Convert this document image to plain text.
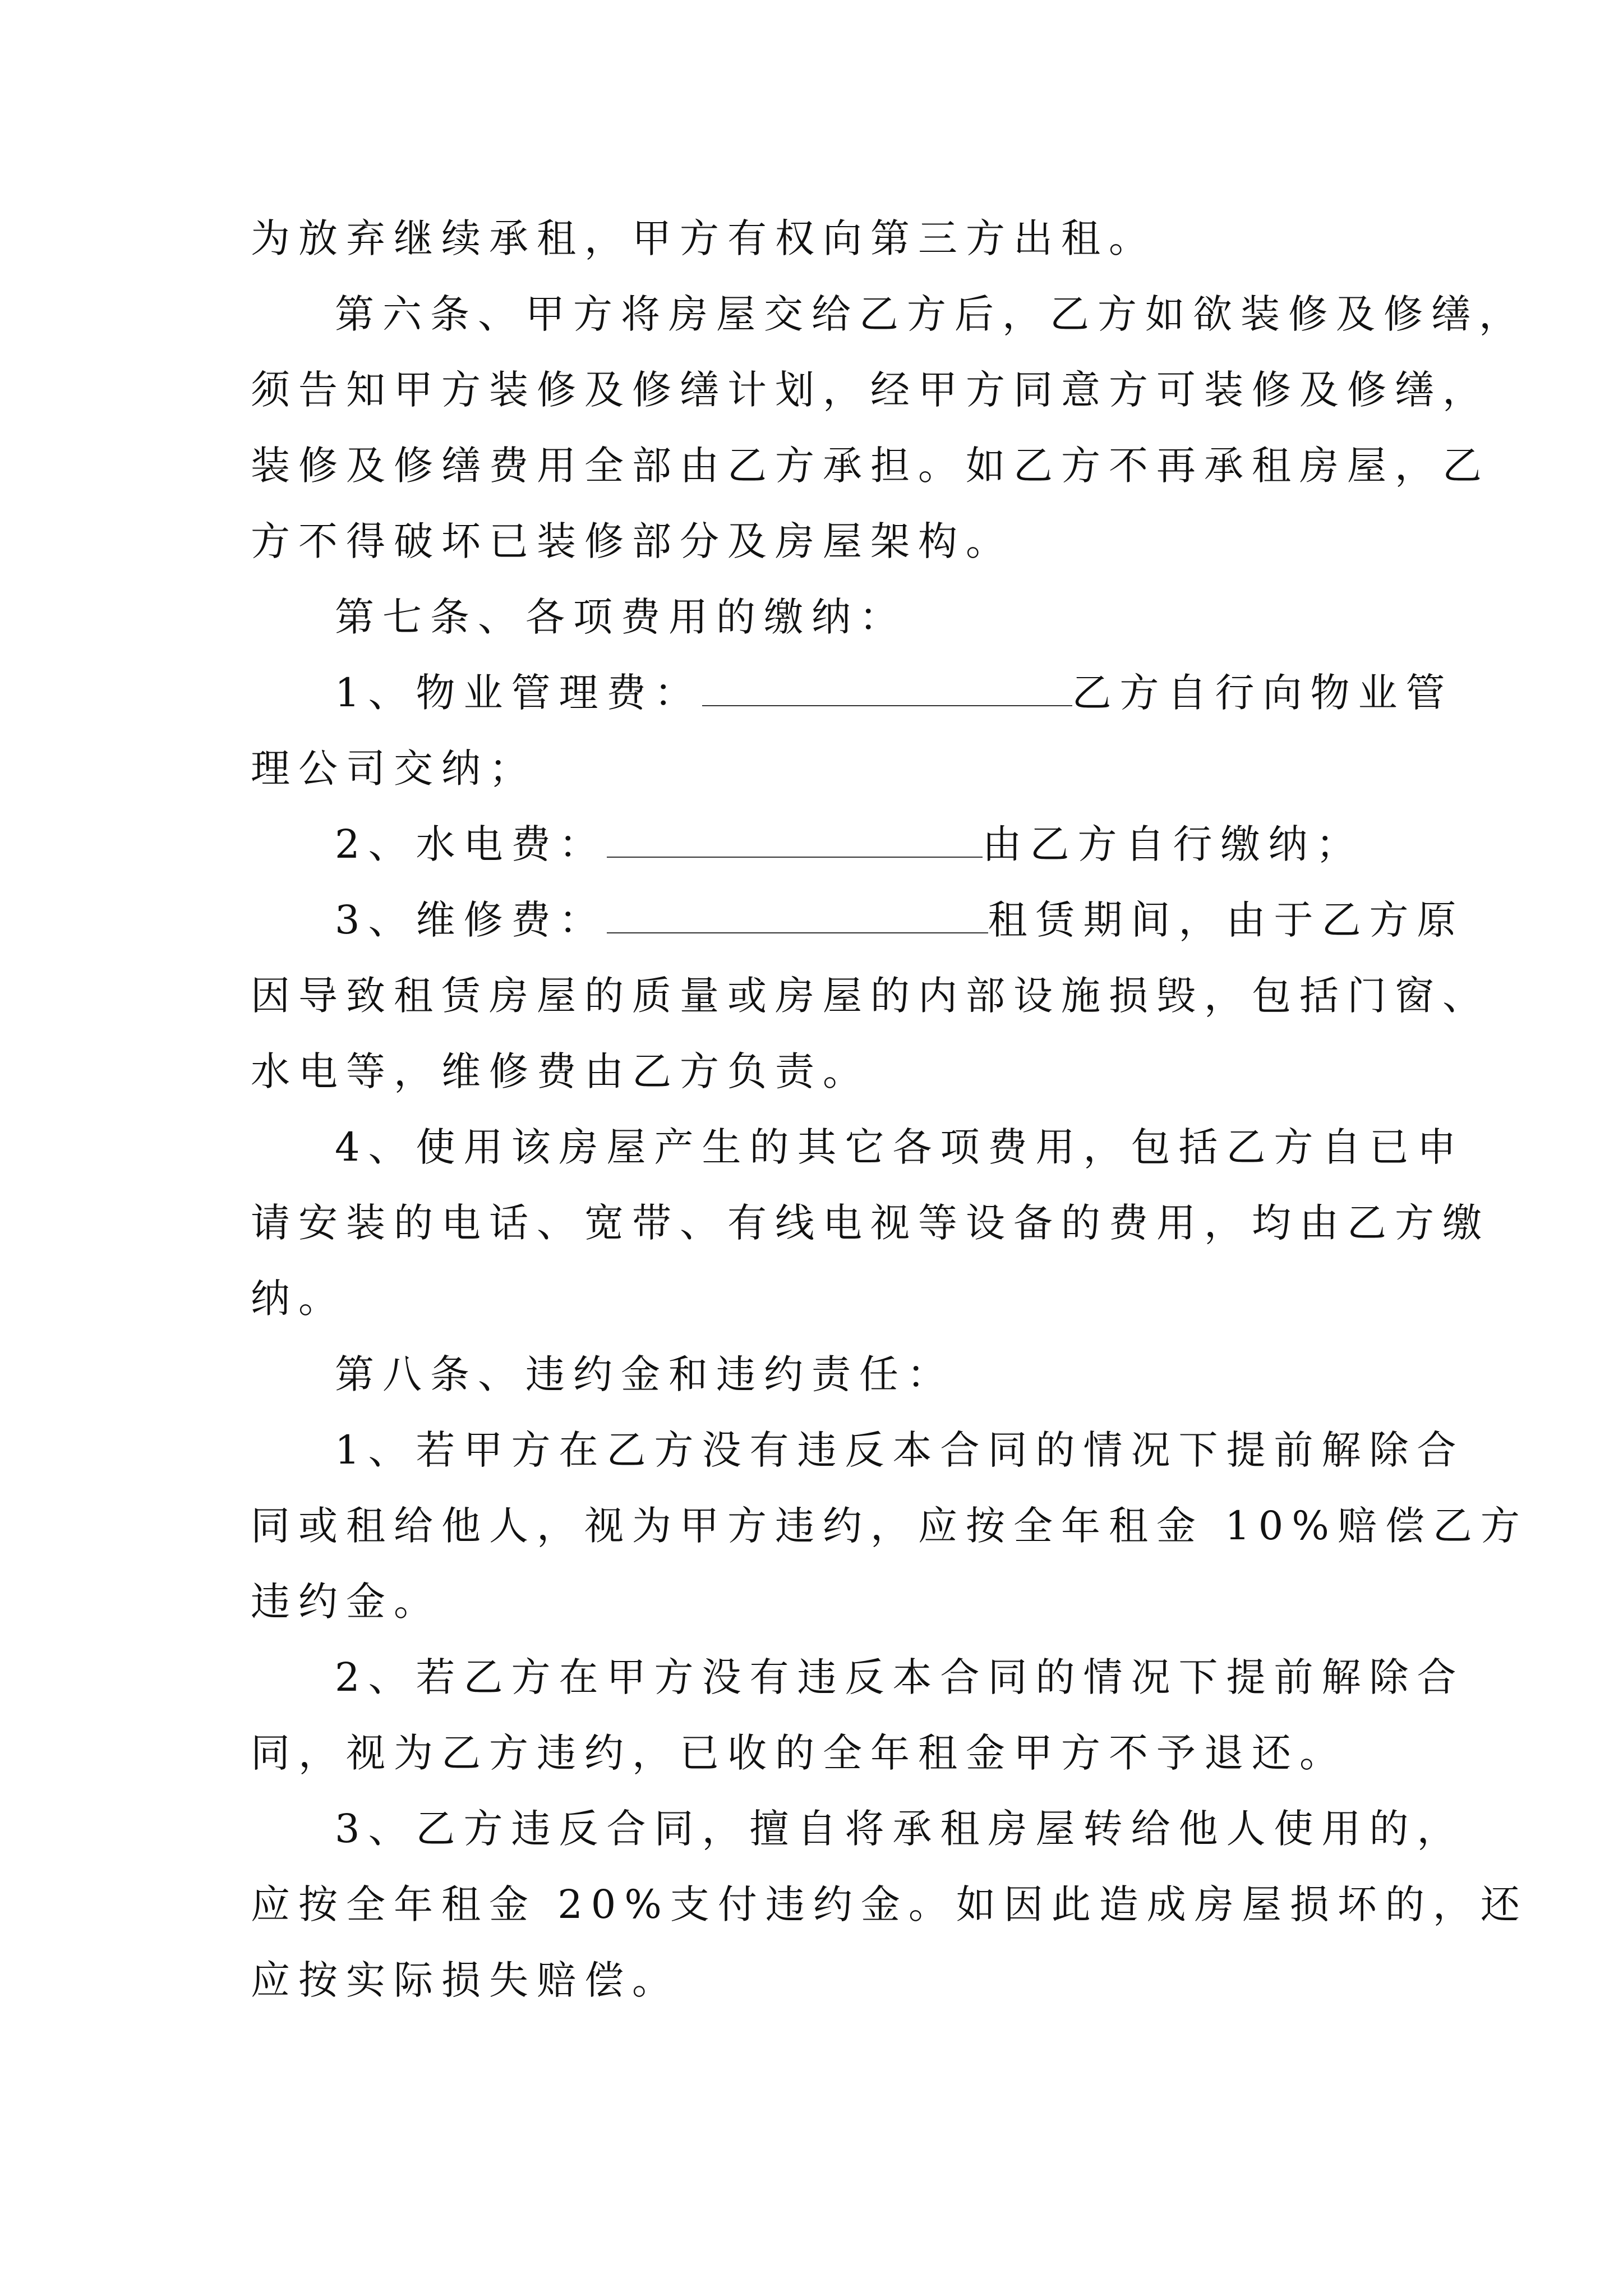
为放弃继续承租，甲方有权向第三方出租。
第六条、甲方将房屋交给乙方后，乙方如欲装修及修缮，
须告知甲方装修及修缮计划，经甲方同意方可装修及修缮，
装修及修缮费用全部由乙方承担。如乙方不再承租房屋，乙
方不得破坏已装修部分及房屋架构。
第七条、各项费用的缴纳：
1、物业管理费：	乙方自行向物业管
理公司交纳；
2、水电费：	由乙方自行缴纳；
3、维修费：	租赁期间，由于乙方原
因导致租赁房屋的质量或房屋的内部设施损毁，包括门窗、
水电等，维修费由乙方负责。
4、使用该房屋产生的其它各项费用，包括乙方自已申
请安装的电话、宽带、有线电视等设备的费用，均由乙方缴
纳。
第八条、违约金和违约责任：
1、若甲方在乙方没有违反本合同的情况下提前解除合
同或租给他人，视为甲方违约，应按全年租金 10%赔偿乙方
违约金。
2、若乙方在甲方没有违反本合同的情况下提前解除合
同，视为乙方违约，已收的全年租金甲方不予退还。
3、乙方违反合同，擅自将承租房屋转给他人使用的，
应按全年租金 20%支付违约金。如因此造成房屋损坏的，还
应按实际损失赔偿。
